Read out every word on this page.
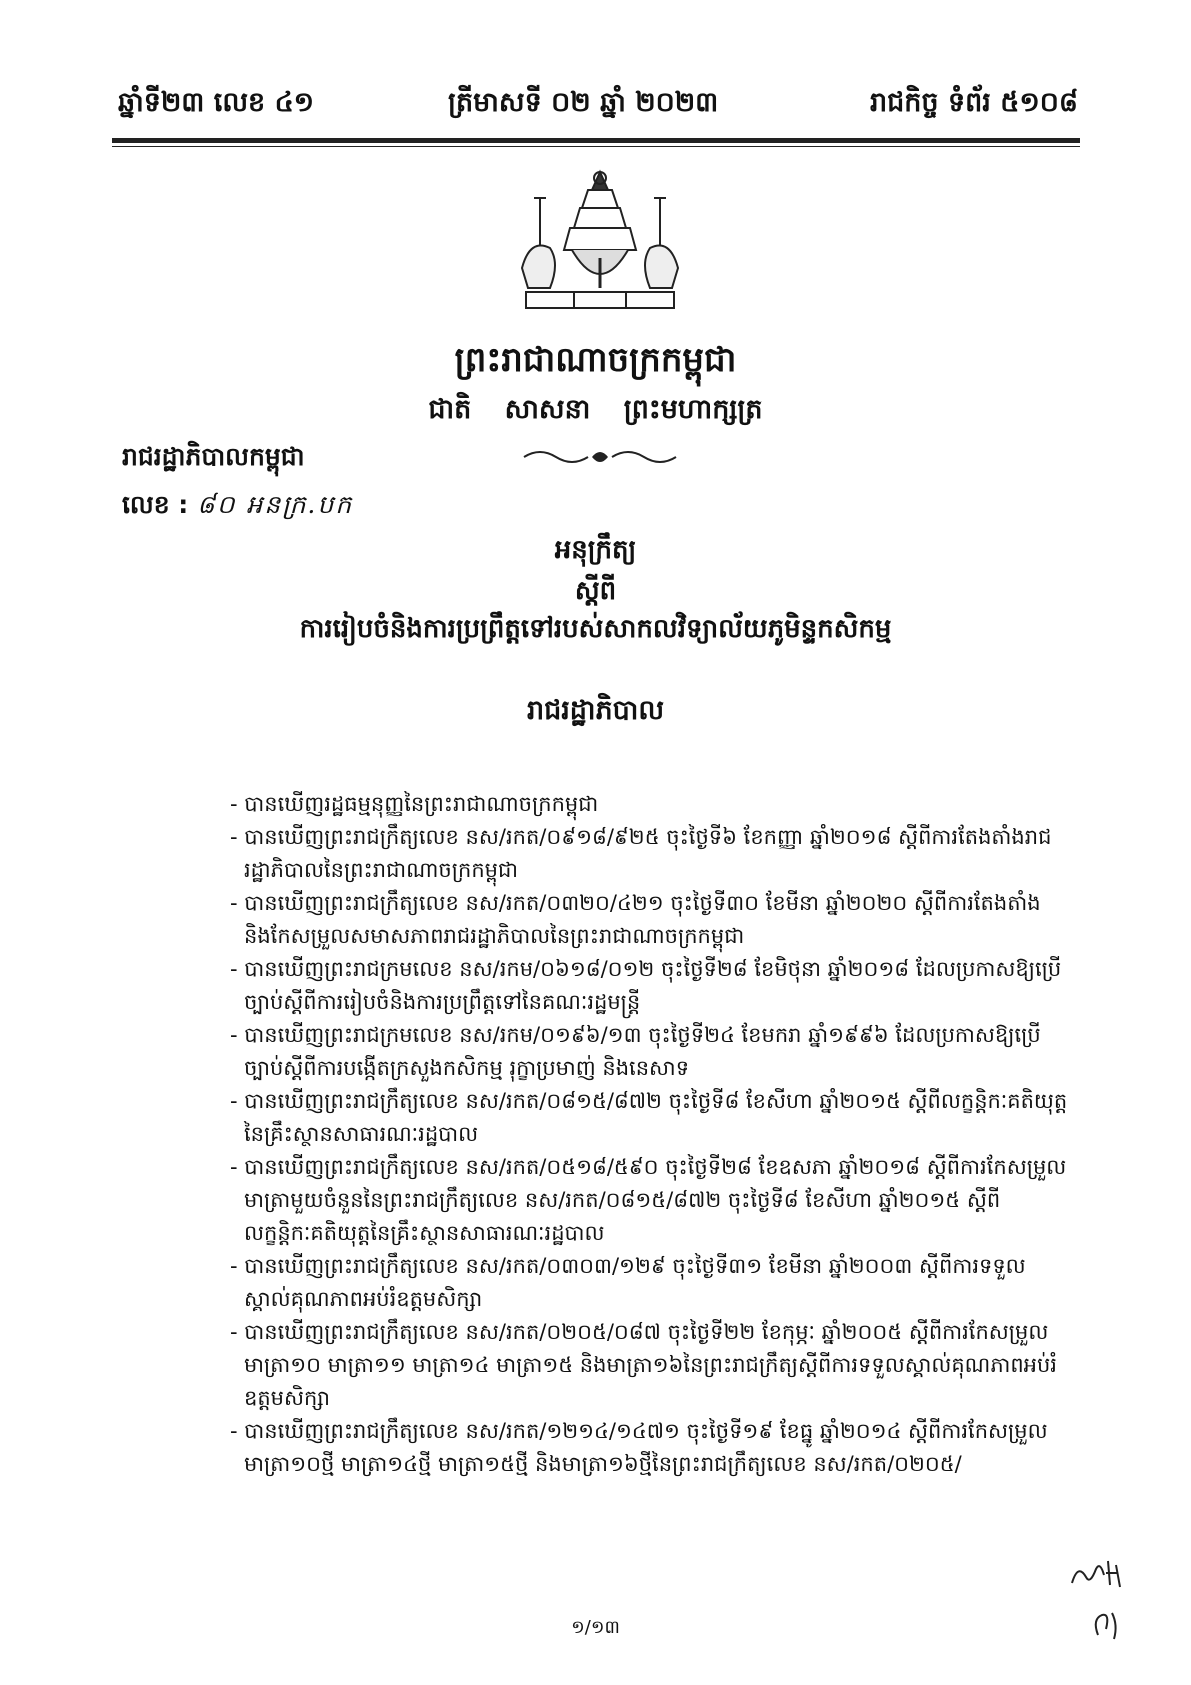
ឆ្នាំទី២៣ លេខ ៤១	ត្រីមាសទី ០២ ឆ្នាំ ២០២៣	រាជកិច្ច ទំព័រ ៥១០៨
ព្រះរាជាណាចក្រកម្ពុជា
ជាតិ សាសនា ព្រះមហាក្សត្រ
រាជរដ្ឋាភិបាលកម្ពុជា
លេខ : ៨០ អនក្រ.បក
អនុក្រឹត្យ
ស្ដីពី
ការរៀបចំនិងការប្រព្រឹត្តទៅរបស់សាកលវិទ្យាល័យភូមិន្ទកសិកម្ម
រាជរដ្ឋាភិបាល
- បានឃើញរដ្ឋធម្មនុញ្ញនៃព្រះរាជាណាចក្រកម្ពុជា
- បានឃើញព្រះរាជក្រឹត្យលេខ នស/រកត/០៩១៨/៩២៥ ចុះថ្ងៃទី៦ ខែកញ្ញា ឆ្នាំ២០១៨ ស្ដីពីការតែងតាំងរាជរដ្ឋាភិបាលនៃព្រះរាជាណាចក្រកម្ពុជា
- បានឃើញព្រះរាជក្រឹត្យលេខ នស/រកត/០៣២០/៤២១ ចុះថ្ងៃទី៣០ ខែមីនា ឆ្នាំ២០២០ ស្ដីពីការតែងតាំង និងកែសម្រួលសមាសភាពរាជរដ្ឋាភិបាលនៃព្រះរាជាណាចក្រកម្ពុជា
- បានឃើញព្រះរាជក្រមលេខ នស/រកម/០៦១៨/០១២ ចុះថ្ងៃទី២៨ ខែមិថុនា ឆ្នាំ២០១៨ ដែលប្រកាសឱ្យប្រើច្បាប់ស្ដីពីការរៀបចំនិងការប្រព្រឹត្តទៅនៃគណៈរដ្ឋមន្ត្រី
- បានឃើញព្រះរាជក្រមលេខ នស/រកម/០១៩៦/១៣ ចុះថ្ងៃទី២៤ ខែមករា ឆ្នាំ១៩៩៦ ដែលប្រកាសឱ្យប្រើច្បាប់ស្ដីពីការបង្កើតក្រសួងកសិកម្ម រុក្ខាប្រមាញ់ និងនេសាទ
- បានឃើញព្រះរាជក្រឹត្យលេខ នស/រកត/០៨១៥/៨៧២ ចុះថ្ងៃទី៨ ខែសីហា ឆ្នាំ២០១៥ ស្ដីពីលក្ខន្តិកៈគតិយុត្តនៃគ្រឹះស្ថានសាធារណៈរដ្ឋបាល
- បានឃើញព្រះរាជក្រឹត្យលេខ នស/រកត/០៥១៨/៥៩០ ចុះថ្ងៃទី២៨ ខែឧសភា ឆ្នាំ២០១៨ ស្ដីពីការកែសម្រួលមាត្រាមួយចំនួននៃព្រះរាជក្រឹត្យលេខ នស/រកត/០៨១៥/៨៧២ ចុះថ្ងៃទី៨ ខែសីហា ឆ្នាំ២០១៥ ស្ដីពីលក្ខន្តិកៈគតិយុត្តនៃគ្រឹះស្ថានសាធារណៈរដ្ឋបាល
- បានឃើញព្រះរាជក្រឹត្យលេខ នស/រកត/០៣០៣/១២៩ ចុះថ្ងៃទី៣១ ខែមីនា ឆ្នាំ២០០៣ ស្ដីពីការទទួលស្គាល់គុណភាពអប់រំឧត្ដមសិក្សា
- បានឃើញព្រះរាជក្រឹត្យលេខ នស/រកត/០២០៥/០៨៧ ចុះថ្ងៃទី២២ ខែកុម្ភៈ ឆ្នាំ២០០៥ ស្ដីពីការកែសម្រួល មាត្រា១០ មាត្រា១១ មាត្រា១៤ មាត្រា១៥ និងមាត្រា១៦នៃព្រះរាជក្រឹត្យស្ដីពីការទទួលស្គាល់គុណភាពអប់រំឧត្ដមសិក្សា
- បានឃើញព្រះរាជក្រឹត្យលេខ នស/រកត/១២១៤/១៤៧១ ចុះថ្ងៃទី១៩ ខែធ្នូ ឆ្នាំ២០១៤ ស្ដីពីការកែសម្រួល មាត្រា១០ថ្មី មាត្រា១៤ថ្មី មាត្រា១៥ថ្មី និងមាត្រា១៦ថ្មីនៃព្រះរាជក្រឹត្យលេខ នស/រកត/០២០៥/
១/១៣
